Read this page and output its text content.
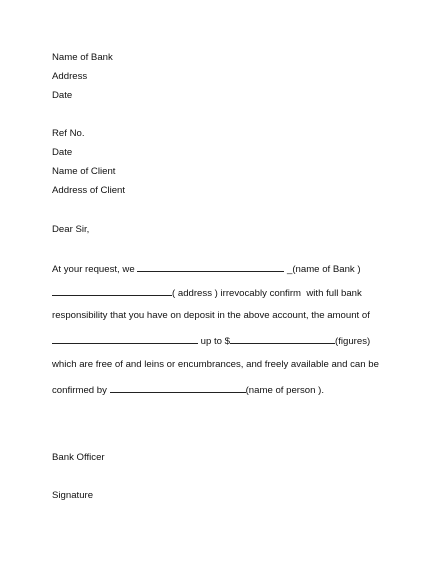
Name of Bank
Address
Date
Ref No.
Date
Name of Client
Address of Client
Dear Sir,
At your request, we	_(name of Bank )
( address ) irrevocably confirm  with full bank
responsibility that you have on deposit in the above account, the amount of
up to $	(figures)
which are free of and leins or encumbrances, and freely available and can be
confirmed by	(name of person ).
Bank Officer
Signature
